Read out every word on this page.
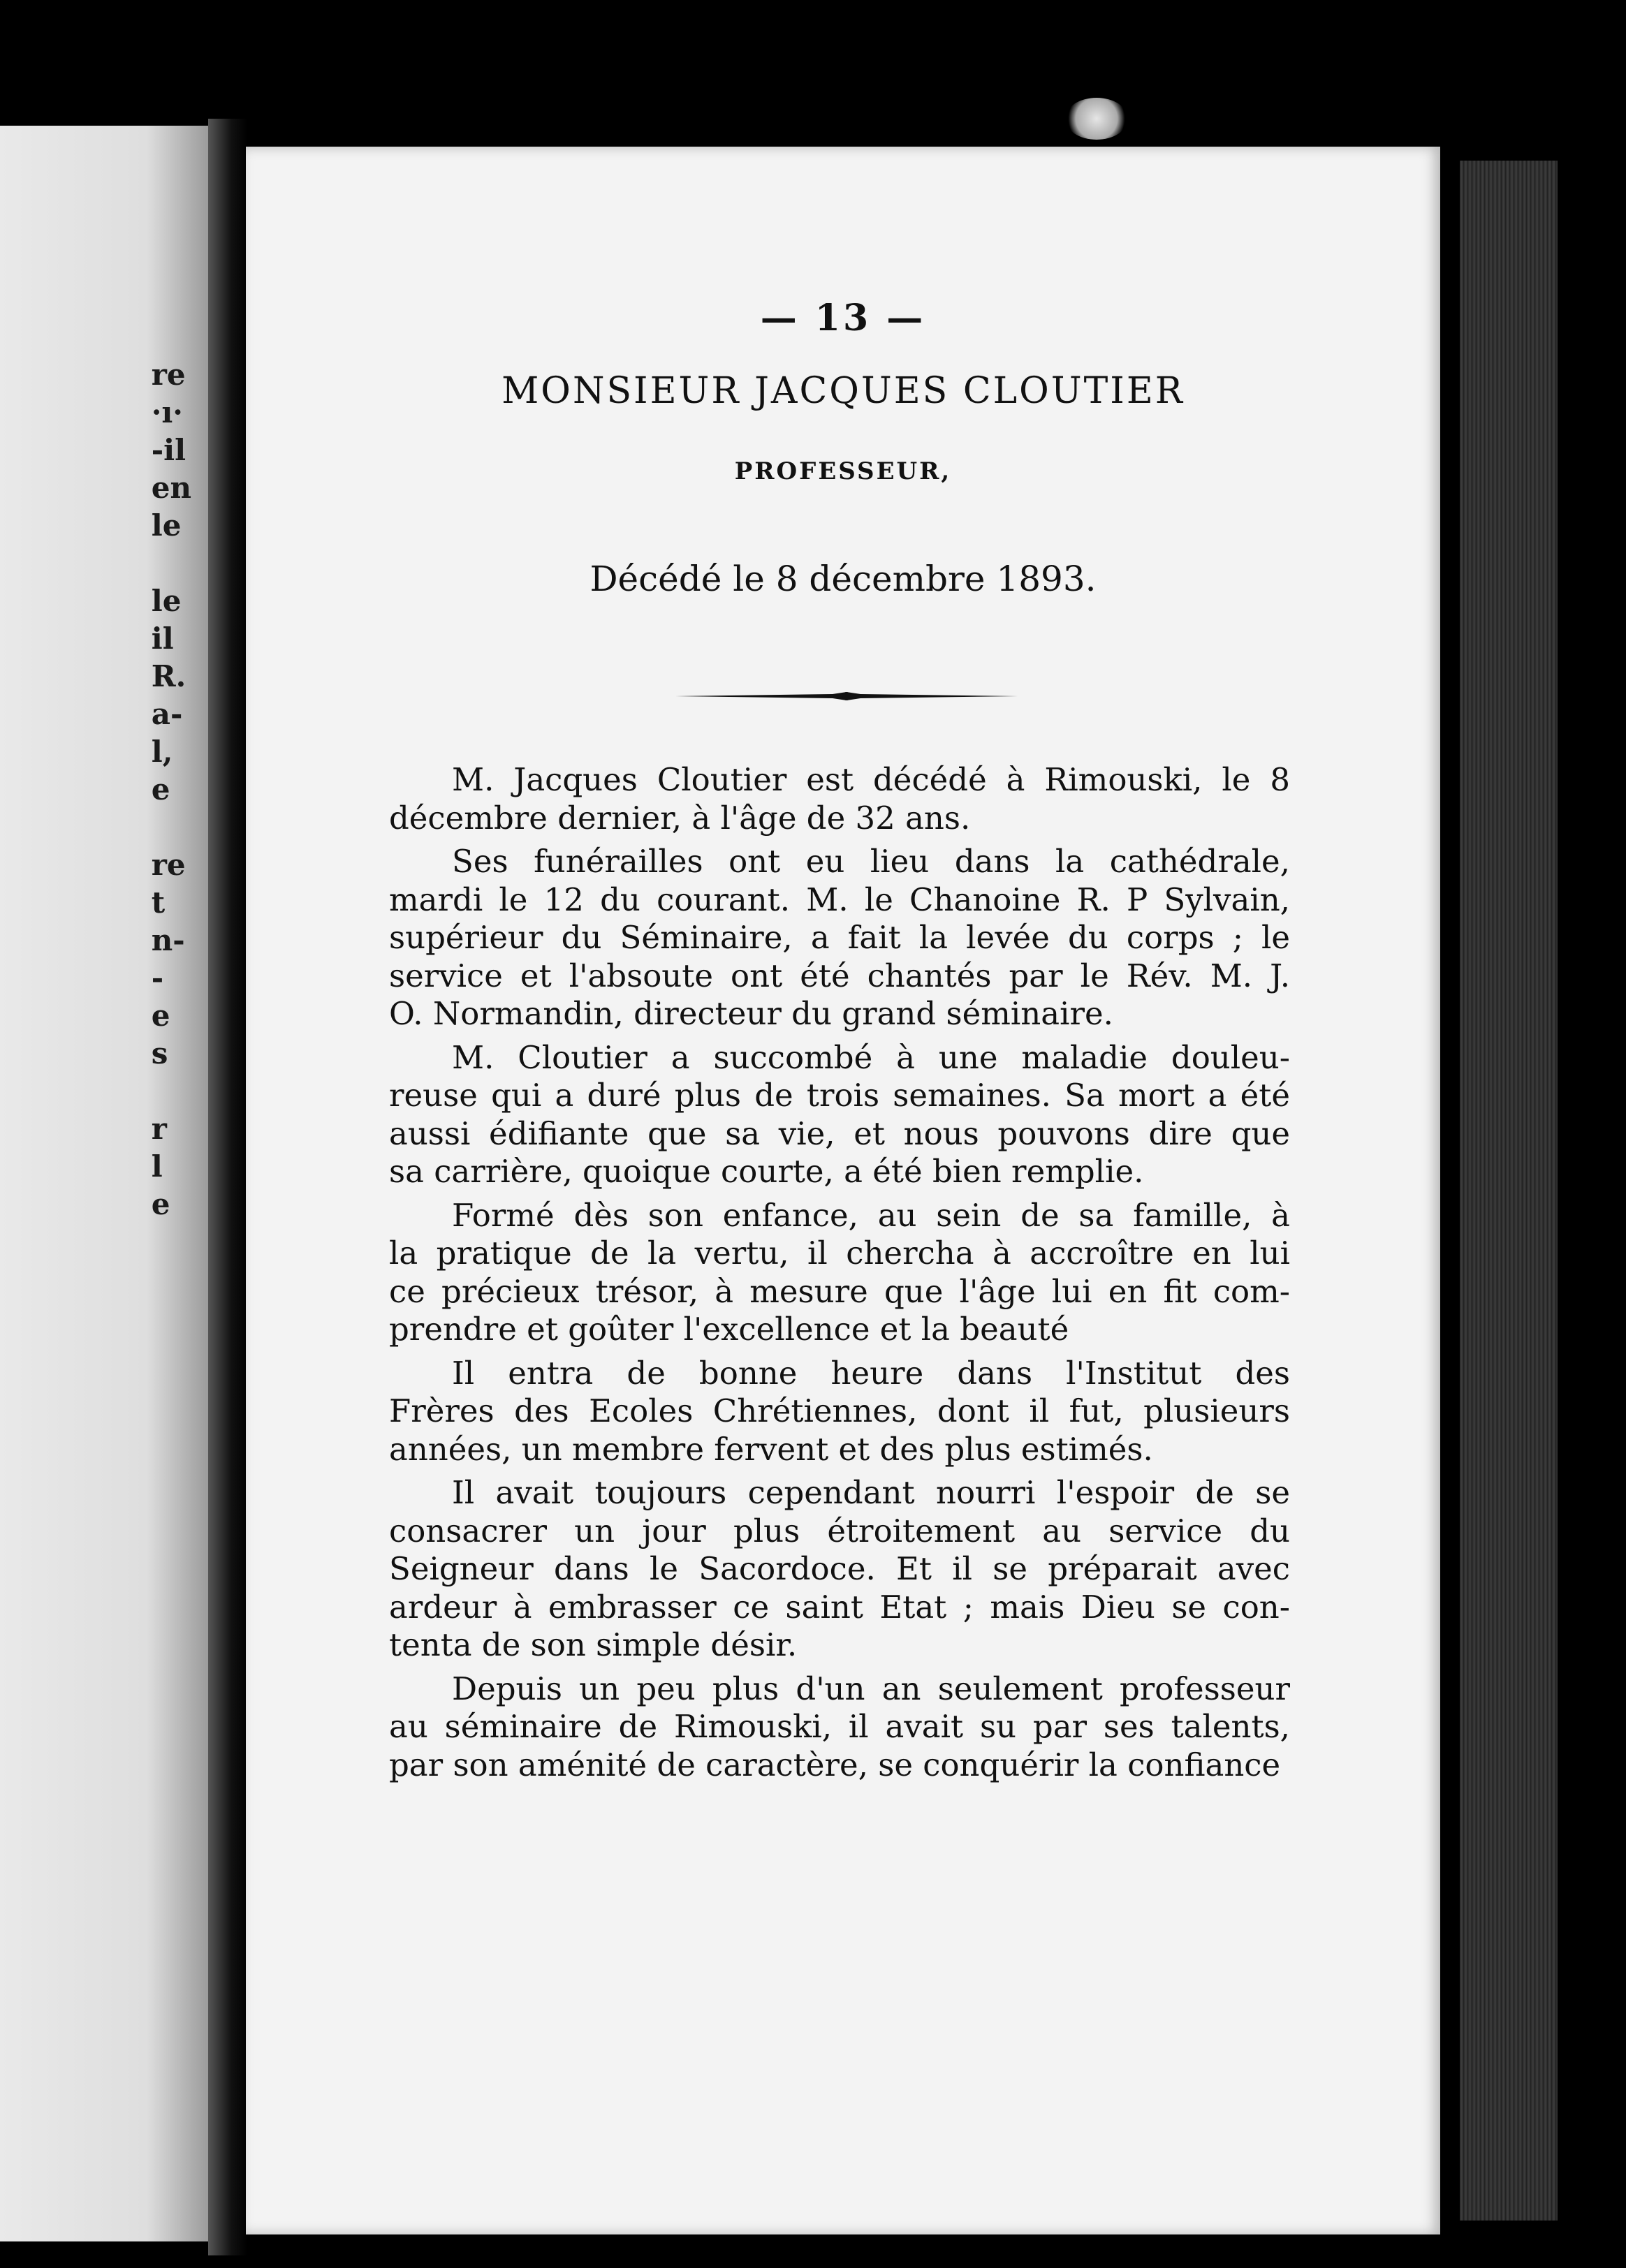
re
·ı·
-il
en
le
le
il
R.
a-
l,
e
re
t
n-
-
e
s
r
l
e

— 13 —

MONSIEUR JACQUES CLOUTIER

PROFESSEUR,

Décédé le 8 décembre 1893.

M. Jacques Cloutier est décédé à Rimouski, le 8
décembre dernier, à l'âge de 32 ans.
Ses funérailles ont eu lieu dans la cathédrale,
mardi le 12 du courant. M. le Chanoine R. P Sylvain,
supérieur du Séminaire, a fait la levée du corps ; le
service et l'absoute ont été chantés par le Rév. M. J.
O. Normandin, directeur du grand séminaire.
M. Cloutier a succombé à une maladie douleu-
reuse qui a duré plus de trois semaines. Sa mort a été
aussi édifiante que sa vie, et nous pouvons dire que
sa carrière, quoique courte, a été bien remplie.
Formé dès son enfance, au sein de sa famille, à
la pratique de la vertu, il chercha à accroître en lui
ce précieux trésor, à mesure que l'âge lui en fit com-
prendre et goûter l'excellence et la beauté
Il entra de bonne heure dans l'Institut des
Frères des Ecoles Chrétiennes, dont il fut, plusieurs
années, un membre fervent et des plus estimés.
Il avait toujours cependant nourri l'espoir de se
consacrer un jour plus étroitement au service du
Seigneur dans le Sacordoce. Et il se préparait avec
ardeur à embrasser ce saint Etat ; mais Dieu se con-
tenta de son simple désir.
Depuis un peu plus d'un an seulement professeur
au séminaire de Rimouski, il avait su par ses talents,
par son aménité de caractère, se conquérir la confiance
